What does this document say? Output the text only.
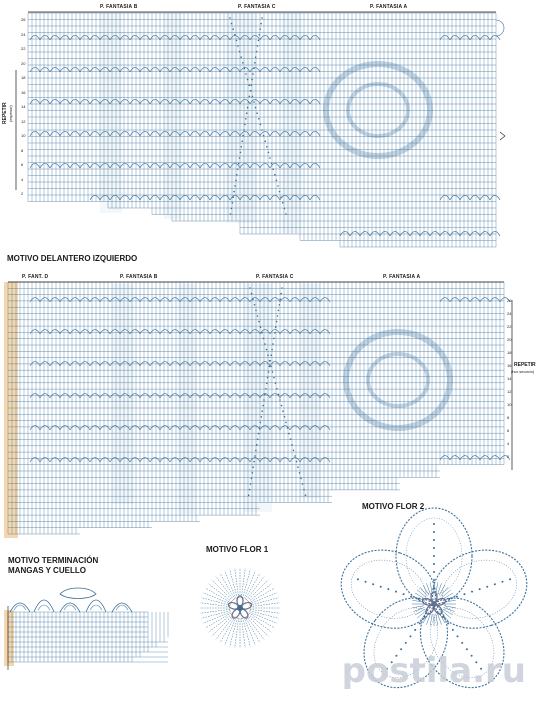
P. FANTASIA B	P. FANTASIA C	P. FANTASIA A
REPETIR (espesor)
26
24
22
20
18
16
14
12
10
8
6
4
2
MOTIVO DELANTERO IZQUIERDO
P. FANT. D	P. FANTASIA B	P. FANTASIA C	P. FANTASIA A
REPETIR
(hor sección)
26
24
22
20
18
16
14
12
10
8
6
4
2
MOTIVO TERMINACIÓN
MANGAS Y CUELLO
MOTIVO FLOR 1
MOTIVO FLOR 2
postila.ru
